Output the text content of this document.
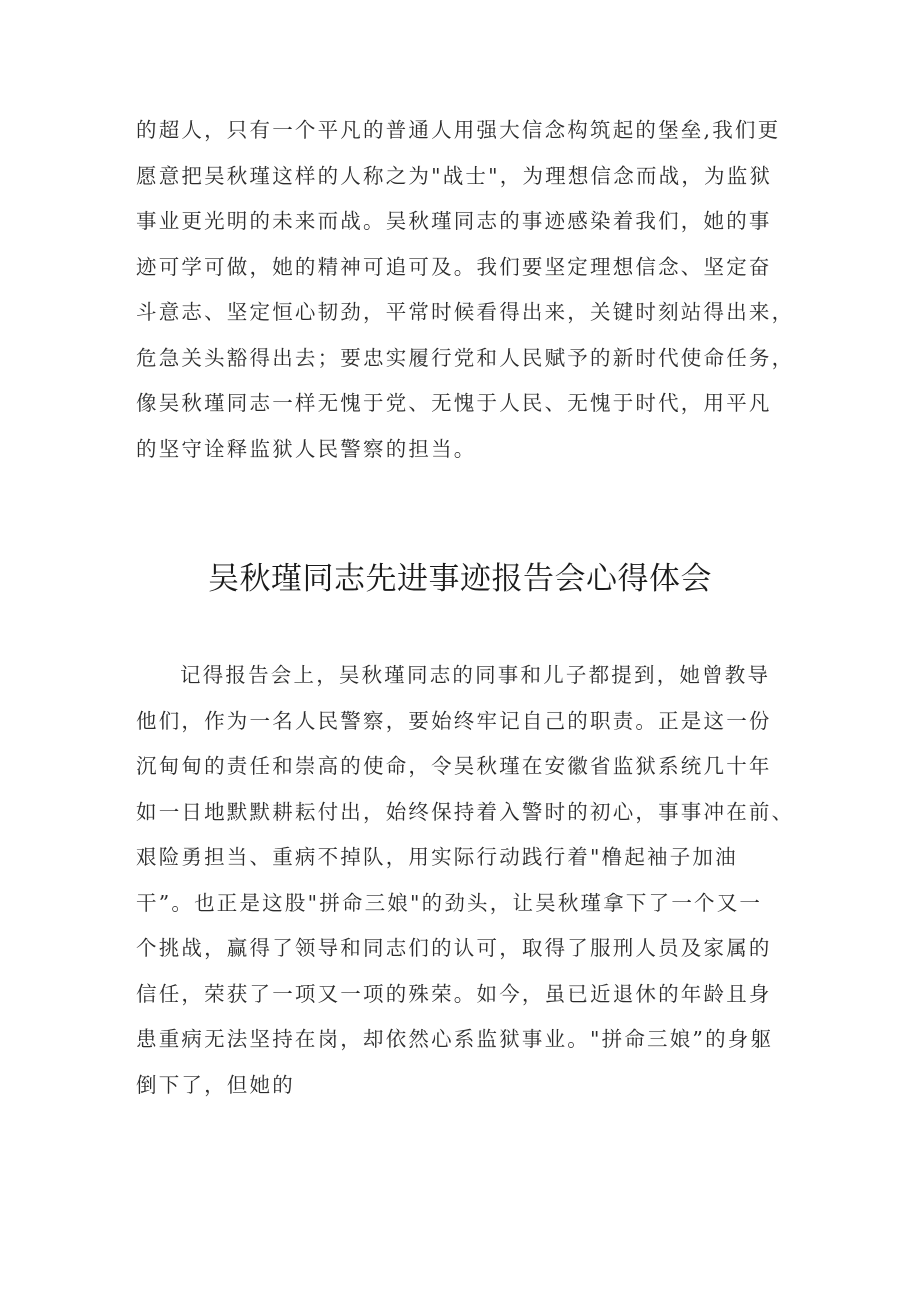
的超人，只有一个平凡的普通人用强大信念构筑起的堡垒,我们更
愿意把吴秋瑾这样的人称之为"战士"，为理想信念而战，为监狱
事业更光明的未来而战。吴秋瑾同志的事迹感染着我们，她的事
迹可学可做，她的精神可追可及。我们要坚定理想信念、坚定奋
斗意志、坚定恒心韧劲，平常时候看得出来，关键时刻站得出来，
危急关头豁得出去；要忠实履行党和人民赋予的新时代使命任务，
像吴秋瑾同志一样无愧于党、无愧于人民、无愧于时代，用平凡
的坚守诠释监狱人民警察的担当。
吴秋瑾同志先进事迹报告会心得体会
记得报告会上，吴秋瑾同志的同事和儿子都提到，她曾教导
他们，作为一名人民警察，要始终牢记自己的职责。正是这一份
沉甸甸的责任和崇高的使命，令吴秋瑾在安徽省监狱系统几十年
如一日地默默耕耘付出，始终保持着入警时的初心，事事冲在前、
艰险勇担当、重病不掉队，用实际行动践行着"橹起袖子加油
干”。也正是这股"拼命三娘"的劲头，让吴秋瑾拿下了一个又一
个挑战，赢得了领导和同志们的认可，取得了服刑人员及家属的
信任，荣获了一项又一项的殊荣。如今，虽已近退休的年龄且身
患重病无法坚持在岗，却依然心系监狱事业。"拼命三娘”的身躯
倒下了，但她的
